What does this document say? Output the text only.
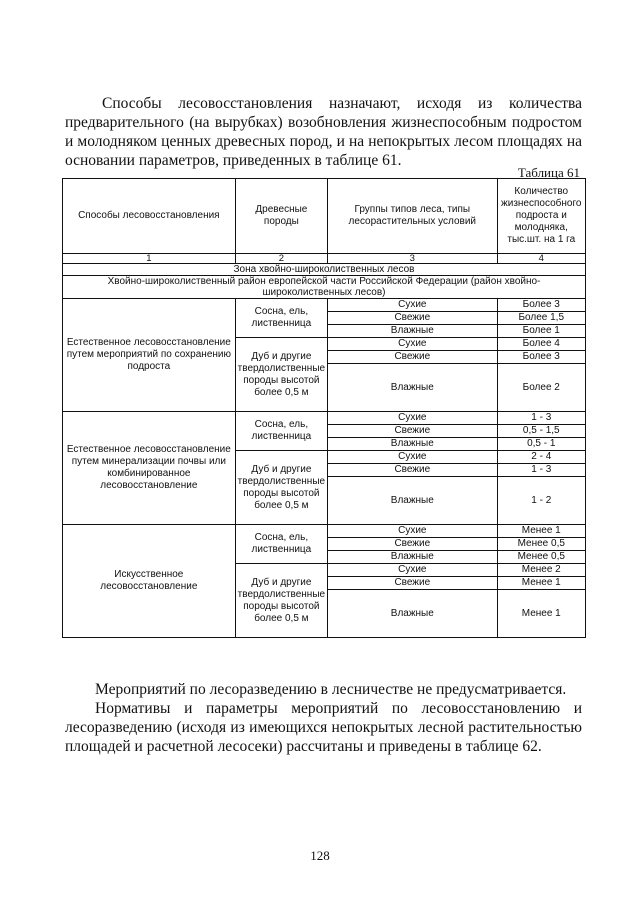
Способы лесовосстановления назначают, исходя из количества предварительного (на вырубках) возобновления жизнеспособным подростом и молодняком ценных древесных пород, и на непокрытых лесом площадях на основании параметров, приведенных в таблице 61.
Таблица 61
Способы лесовосстановления	Древесные породы	Группы типов леса, типы лесорастительных условий	Количество жизнеспособного подроста и молодняка, тыс.шт. на 1 га
1	2	3	4
Зона хвойно-широколиственных лесов			
Хвойно-широколиственный район европейской части Российской Федерации (район хвойно-широколиственных лесов)			
Естественное лесовосстановление путем мероприятий по сохранению подроста	Сосна, ель, лиственница	Сухие	Более 3
		Свежие	Более 1,5
		Влажные	Более 1
	Дуб и другие твердолиственные породы высотой более 0,5 м	Сухие	Более 4
		Свежие	Более 3
		Влажные	Более 2
Естественное лесовосстановление путем минерализации почвы или комбинированное лесовосстановление	Сосна, ель, лиственница	Сухие	1 - 3
		Свежие	0,5 - 1,5
		Влажные	0,5 - 1
	Дуб и другие твердолиственные породы высотой более 0,5 м	Сухие	2 - 4
		Свежие	1 - 3
		Влажные	1 - 2
Искусственное лесовосстановление	Сосна, ель, лиственница	Сухие	Менее 1
		Свежие	Менее 0,5
		Влажные	Менее 0,5
	Дуб и другие твердолиственные породы высотой более 0,5 м	Сухие	Менее 2
		Свежие	Менее 1
		Влажные	Менее 1
Мероприятий по лесоразведению в лесничестве не предусматривается.
Нормативы и параметры мероприятий по лесовосстановлению и лесоразведению (исходя из имеющихся непокрытых лесной растительностью площадей и расчетной лесосеки) рассчитаны и приведены в таблице 62.
128
